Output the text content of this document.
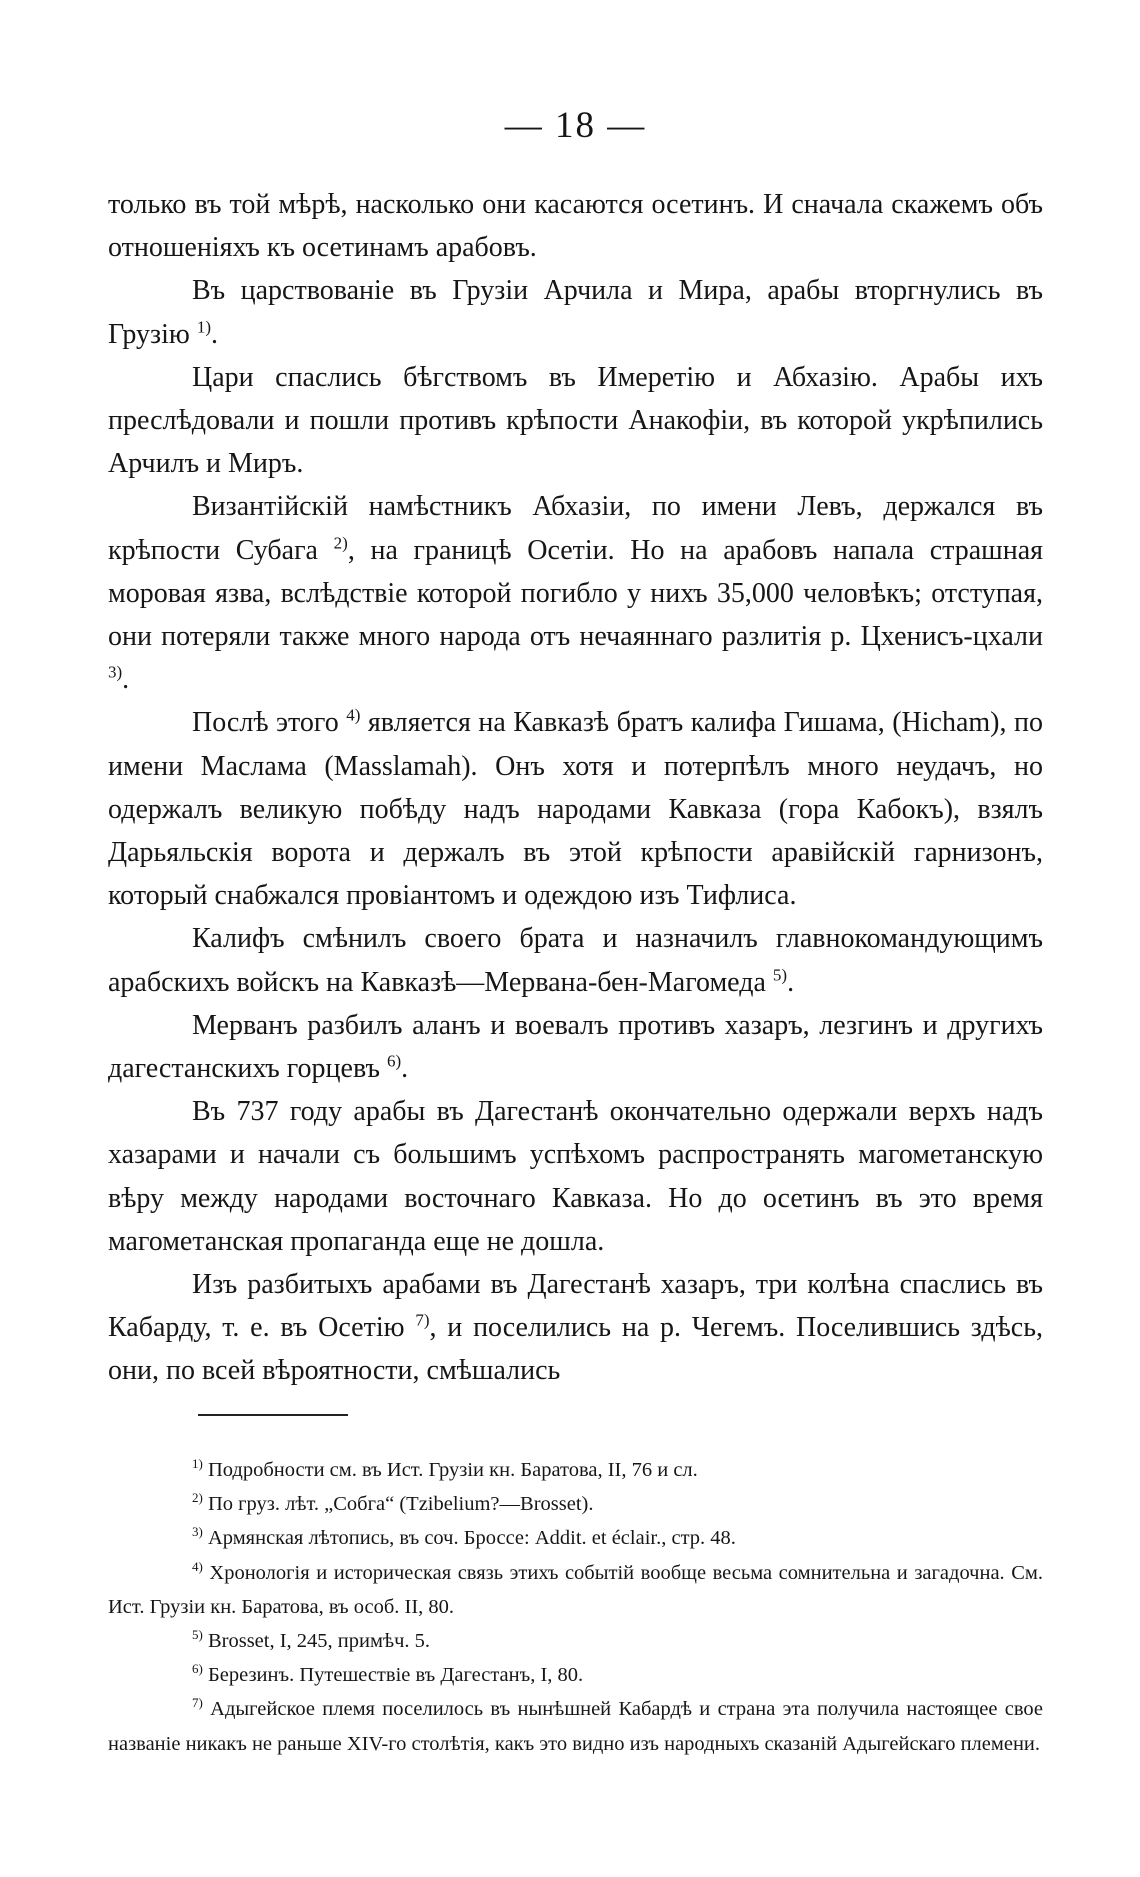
— 18 —

только въ той мѣрѣ, насколько они касаются осетинъ. И сначала скажемъ объ отношеніяхъ къ осетинамъ арабовъ.

Въ царствованіе въ Грузіи Арчила и Мира, арабы вторгнулись въ Грузію $^{1)}$.

Цари спаслись бѣгствомъ въ Имеретію и Абхазію. Арабы ихъ преслѣдовали и пошли противъ крѣпости Анакофіи, въ которой укрѣпились Арчилъ и Миръ.

Византійскій намѣстникъ Абхазіи, по имени Левъ, держался въ крѣпости Субага $^{2)}$, на границѣ Осетіи. Но на арабовъ напала страшная моровая язва, вслѣдствіе которой погибло у нихъ 35,000 человѣкъ; отступая, они потеряли также много народа отъ нечаяннаго разлитія р. Цхенисъ-цхали $^{3)}$.

Послѣ этого $^{4)}$ является на Кавказѣ братъ калифа Гишама, (Hicham), по имени Маслама (Masslamah). Онъ хотя и потерпѣлъ много неудачъ, но одержалъ великую побѣду надъ народами Кавказа (гора Кабокъ), взялъ Дарьяльскія ворота и держалъ въ этой крѣпости аравійскій гарнизонъ, который снабжался провіантомъ и одеждою изъ Тифлиса.

Калифъ смѣнилъ своего брата и назначилъ главнокомандующимъ арабскихъ войскъ на Кавказѣ—Мервана-бен-Магомеда $^{5)}$.

Мерванъ разбилъ аланъ и воевалъ противъ хазаръ, лезгинъ и другихъ дагестанскихъ горцевъ $^{6)}$.

Въ 737 году арабы въ Дагестанѣ окончательно одержали верхъ надъ хазарами и начали съ большимъ успѣхомъ распространять магометанскую вѣру между народами восточнаго Кавказа. Но до осетинъ въ это время магометанская пропаганда еще не дошла.

Изъ разбитыхъ арабами въ Дагестанѣ хазаръ, три колѣна спаслись въ Кабарду, т. е. въ Осетію $^{7)}$, и поселились на р. Чегемъ. Поселившись здѣсь, они, по всей вѣроятности, смѣшались

$^{1)}$ Подробности см. въ Ист. Грузіи кн. Баратова, II, 76 и сл.

$^{2)}$ По груз. лѣт. „Собга“ (Tzibelium?—Brosset).

$^{3)}$ Армянская лѣтопись, въ соч. Броссе: Addit. et éclair., стр. 48.

$^{4)}$ Хронологія и историческая связь этихъ событій вообще весьма сомнительна и загадочна. См. Ист. Грузіи кн. Баратова, въ особ. II, 80.

$^{5)}$ Brosset, I, 245, примѣч. 5.

$^{6)}$ Березинъ. Путешествіе въ Дагестанъ, I, 80.

$^{7)}$ Адыгейское племя поселилось въ нынѣшней Кабардѣ и страна эта получила настоящее свое названіе никакъ не раньше XIV-го столѣтія, какъ это видно изъ народныхъ сказаній Адыгейскаго племени.
